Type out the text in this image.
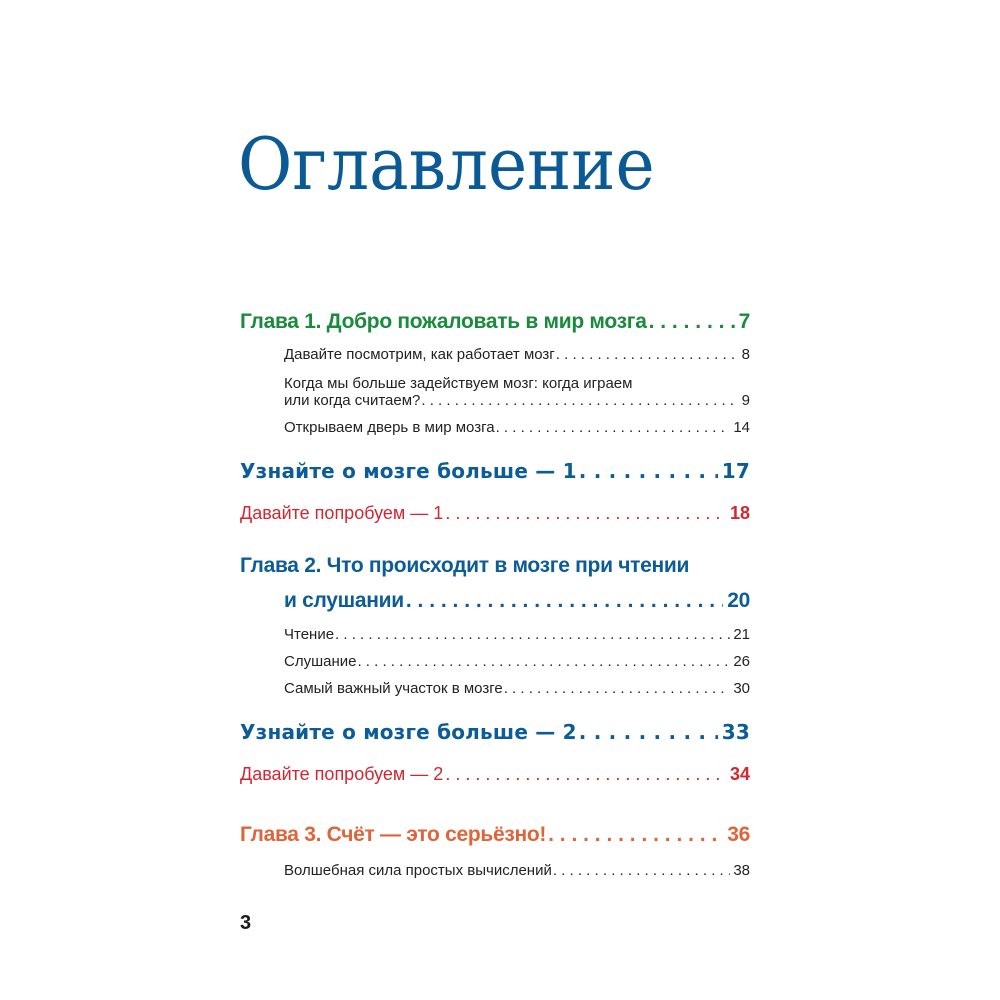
Оглавление
Глава 1. Добро пожаловать в мир мозга . . .	7
Давайте посмотрим, как работает мозг . . .	8
Когда мы больше задействуем мозг: когда играем
или когда считаем? . . .	9
Открываем дверь в мир мозга . . .	14
Узнайте о мозге больше — 1 . . .	17
Давайте попробуем — 1 . . .	18
Глава 2. Что происходит в мозге при чтении
и слушании . . .	20
Чтение . . .	21
Слушание . . .	26
Самый важный участок в мозге . . .	30
Узнайте о мозге больше — 2 . . .	33
Давайте попробуем — 2 . . .	34
Глава 3. Счёт — это серьёзно! . . .	36
Волшебная сила простых вычислений . . .	38
3
